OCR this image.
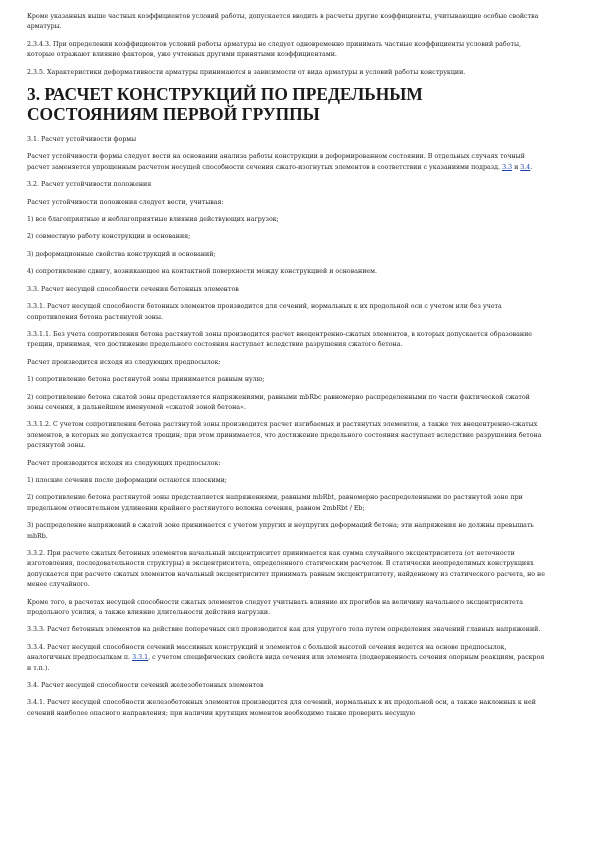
Кроме указанных выше частных коэффициентов условий работы, допускается вводить в расчеты другие коэффициенты, учитывающие особые свойства арматуры.
2.3.4.3. При определении коэффициентов условий работы арматуры не следует одновременно принимать частные коэффициенты условий работы, которые отражают влияние факторов, уже учтенных другими принятыми коэффициентами.
2.3.5. Характеристики деформативности арматуры принимаются в зависимости от вида арматуры и условий работы конструкции.
3. РАСЧЕТ КОНСТРУКЦИЙ ПО ПРЕДЕЛЬНЫМ СОСТОЯНИЯМ ПЕРВОЙ ГРУППЫ
3.1. Расчет устойчивости формы
Расчет устойчивости формы следует вести на основании анализа работы конструкции в деформированном состоянии. В отдельных случаях точный расчет заменяется упрощенным расчетом несущей способности сечения сжато-изогнутых элементов в соответствии с указаниями подразд. 3.3 и 3.4.
3.2. Расчет устойчивости положения
Расчет устойчивости положения следует вести, учитывая:
1) все благоприятные и неблагоприятные влияния действующих нагрузок;
2) совместную работу конструкции и основания;
3) деформационные свойства конструкций и оснований;
4) сопротивление сдвигу, возникающее на контактной поверхности между конструкцией и основанием.
3.3. Расчет несущей способности сечения бетонных элементов
3.3.1. Расчет несущей способности бетонных элементов производится для сечений, нормальных к их продольной оси с учетом или без учета сопротивления бетона растянутой зоны.
3.3.1.1. Без учета сопротивления бетона растянутой зоны производится расчет внецентренно-сжатых элементов, в которых допускается образование трещин, принимая, что достижение предельного состояния наступает вследствие разрушения сжатого бетона.
Расчет производится исходя из следующих предпосылок:
1) сопротивление бетона растянутой зоны принимается равным нулю;
2) сопротивление бетона сжатой зоны представляется напряжениями, равными mbRbc равномерно распределенными по части фактической сжатой зоны сечения, в дальнейшем именуемой «сжатой зоной бетона».
3.3.1.2. С учетом сопротивления бетона растянутой зоны производится расчет изгибаемых и растянутых элементов, а также тех внецентренно-сжатых элементов, в которых не допускается трещин; при этом принимается, что достижение предельного состояния наступает вследствие разрушения бетона растянутой зоны.
Расчет производится исходя из следующих предпосылок:
1) плоские сечения после деформации остаются плоскими;
2) сопротивление бетона растянутой зоны представляется напряжениями, равными mbRbt, равномерно распределенными по растянутой зоне при предельном относительном удлинении крайнего растянутого волокна сечения, равном 2mbRbt / Eb;
3) распределение напряжений в сжатой зоне принимается с учетом упругих и неупругих деформаций бетона; эти напряжения не должны превышать mbRb.
3.3.2. При расчете сжатых бетонных элементов начальный эксцентриситет принимается как сумма случайного эксцентриситета (от неточности изготовления, последовательности структуры) и эксцентриситета, определенного статическим расчетом. В статически неопределимых конструкциях допускается при расчете сжатых элементов начальный эксцентриситет принимать равным эксцентриситету, найденному из статического расчета, но не менее случайного.
Кроме того, в расчетах несущей способности сжатых элементов следует учитывать влияние их прогибов на величину начального эксцентриситета продольного усилия, а также влияние длительности действия нагрузки.
3.3.3. Расчет бетонных элементов на действие поперечных сил производится как для упругого тела путем определения значений главных напряжений.
3.3.4. Расчет несущей способности сечений массивных конструкций и элементов с большой высотой сечения ведется на основе предпосылок, аналогичных предпосылкам п. 3.3.1, с учетом специфических свойств вида сечения или элемента (подверженность сечения опорным реакциям, раскроя и т.п.).
3.4. Расчет несущей способности сечений железобетонных элементов
3.4.1. Расчет несущей способности железобетонных элементов производится для сечений, нормальных к их продольной оси, а также наклонных к ней сечений наиболее опасного направления; при наличии крутящих моментов необходимо также проверить несущую
